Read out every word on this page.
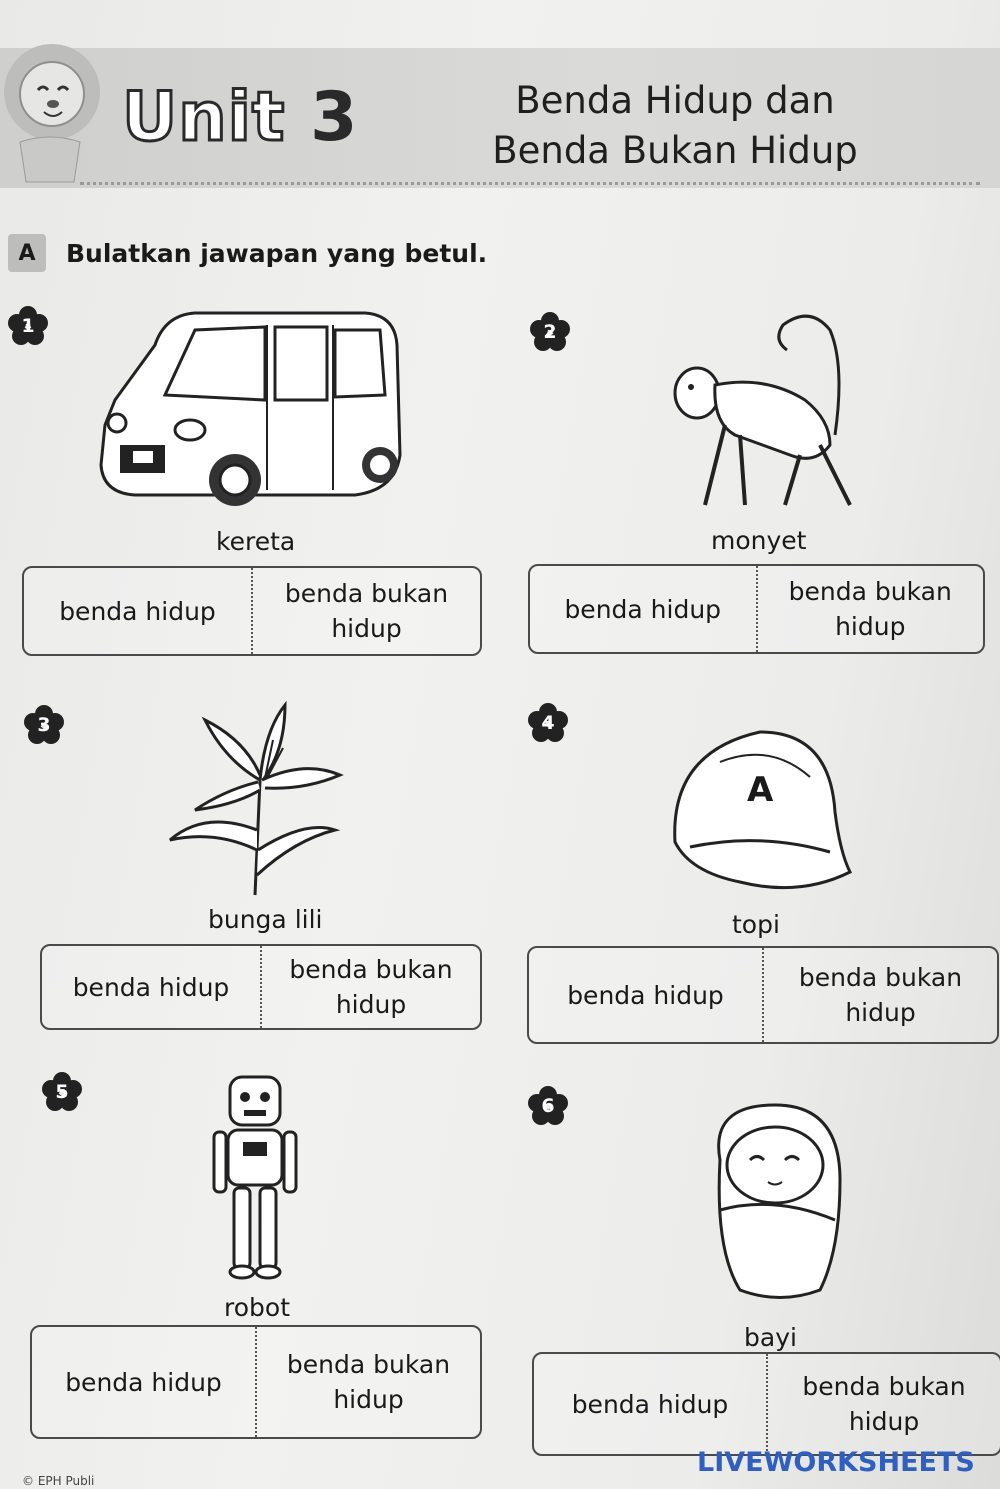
Unit 3	Benda Hidup dan
Benda Bukan Hidup
A	Bulatkan jawapan yang betul.
1
kereta
benda hidup
benda bukan
hidup
2
monyet
benda hidup
benda bukan
hidup
3
bunga lili
benda hidup
benda bukan
hidup
4
A
topi
benda hidup
benda bukan
hidup
5
robot
benda hidup
benda bukan
hidup
6
bayi
benda hidup
benda bukan
hidup
LIVEWORKSHEETS
© EPH Publi
